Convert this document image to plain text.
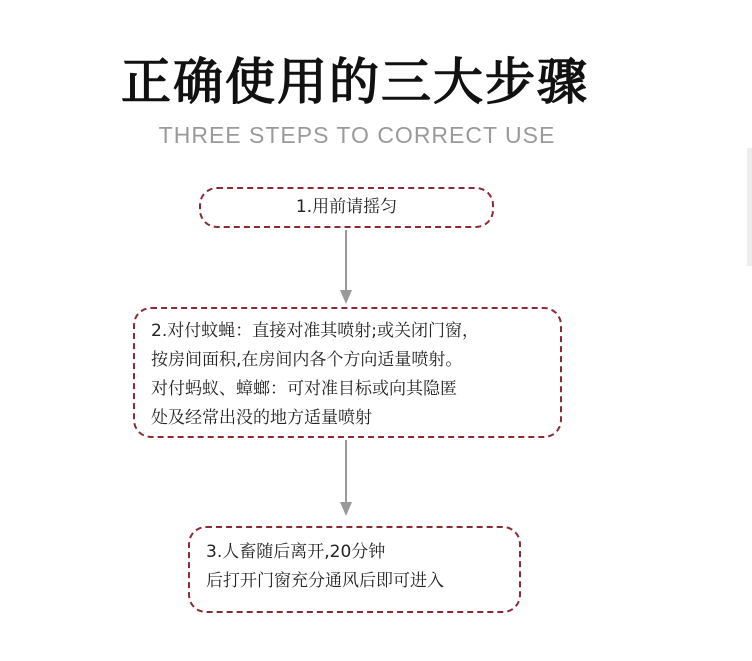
正确使用的三大步骤
THREE STEPS TO CORRECT USE
1.用前请摇匀
2.对付蚊蝇：直接对准其喷射;或关闭门窗，
按房间面积,在房间内各个方向适量喷射。
对付蚂蚁、蟑螂：可对准目标或向其隐匿
处及经常出没的地方适量喷射
3.人畜随后离开,20分钟
后打开门窗充分通风后即可进入
